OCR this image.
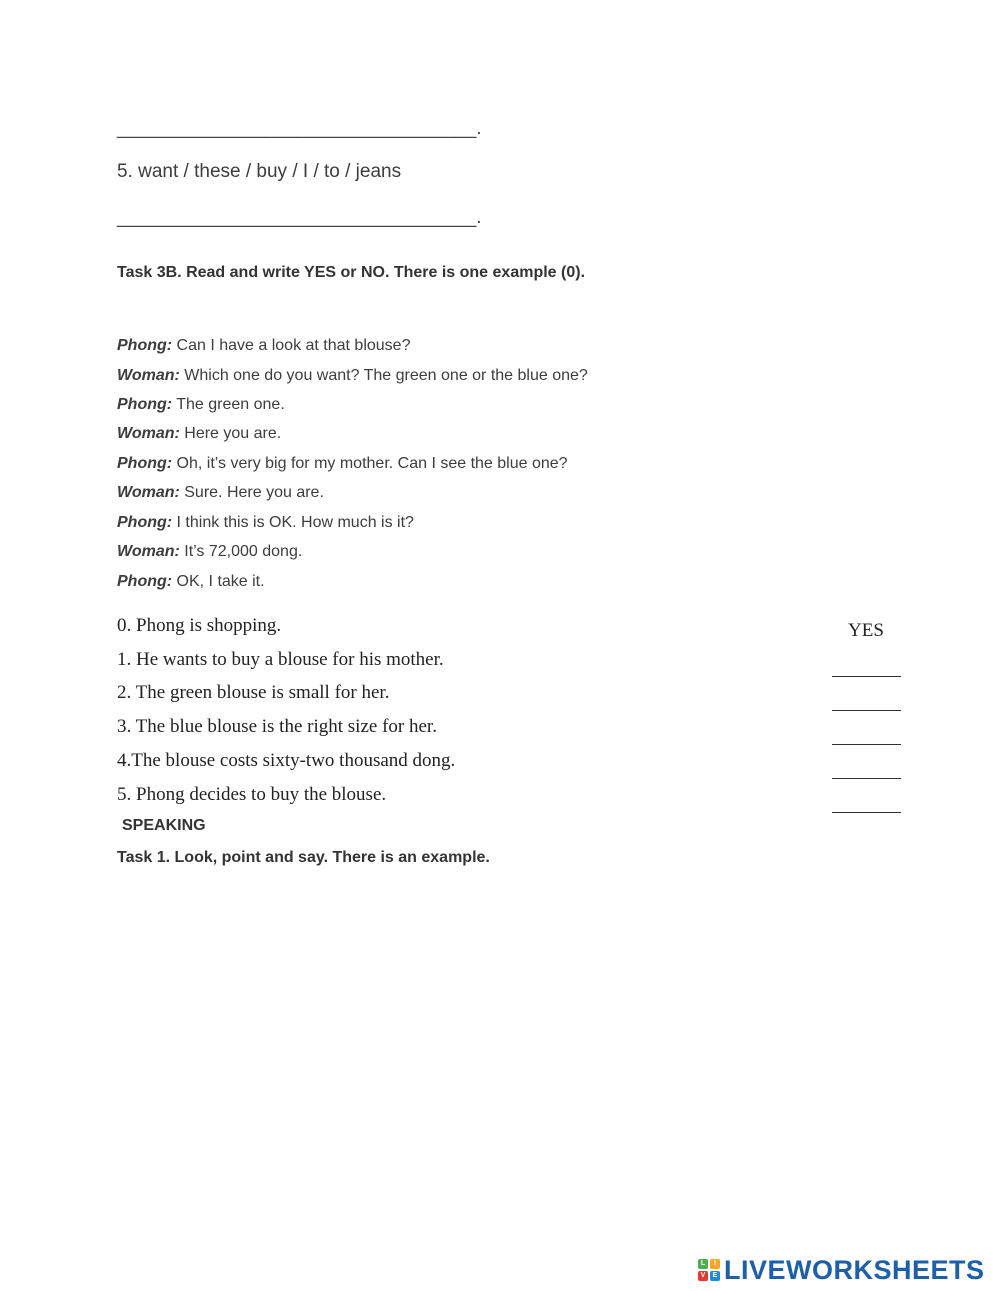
__________________________________.
5. want / these / buy / I / to / jeans
__________________________________.
Task 3B. Read and write YES or NO. There is one example (0).
Phong: Can I have a look at that blouse?
Woman: Which one do you want? The green one or the blue one?
Phong: The green one.
Woman: Here you are.
Phong: Oh, it’s very big for my mother. Can I see the blue one?
Woman: Sure. Here you are.
Phong: I think this is OK. How much is it?
Woman: It’s 72,000 dong.
Phong: OK, I take it.
0. Phong is shopping.
1. He wants to buy a blouse for his mother.
2. The green blouse is small for her.
3. The blue blouse is the right size for her.
4.The blouse costs sixty-two thousand dong.
5. Phong decides to buy the blouse.
YES
SPEAKING
Task 1. Look, point and say. There is an example.
L	I
V	E LIVEWORKSHEETS
